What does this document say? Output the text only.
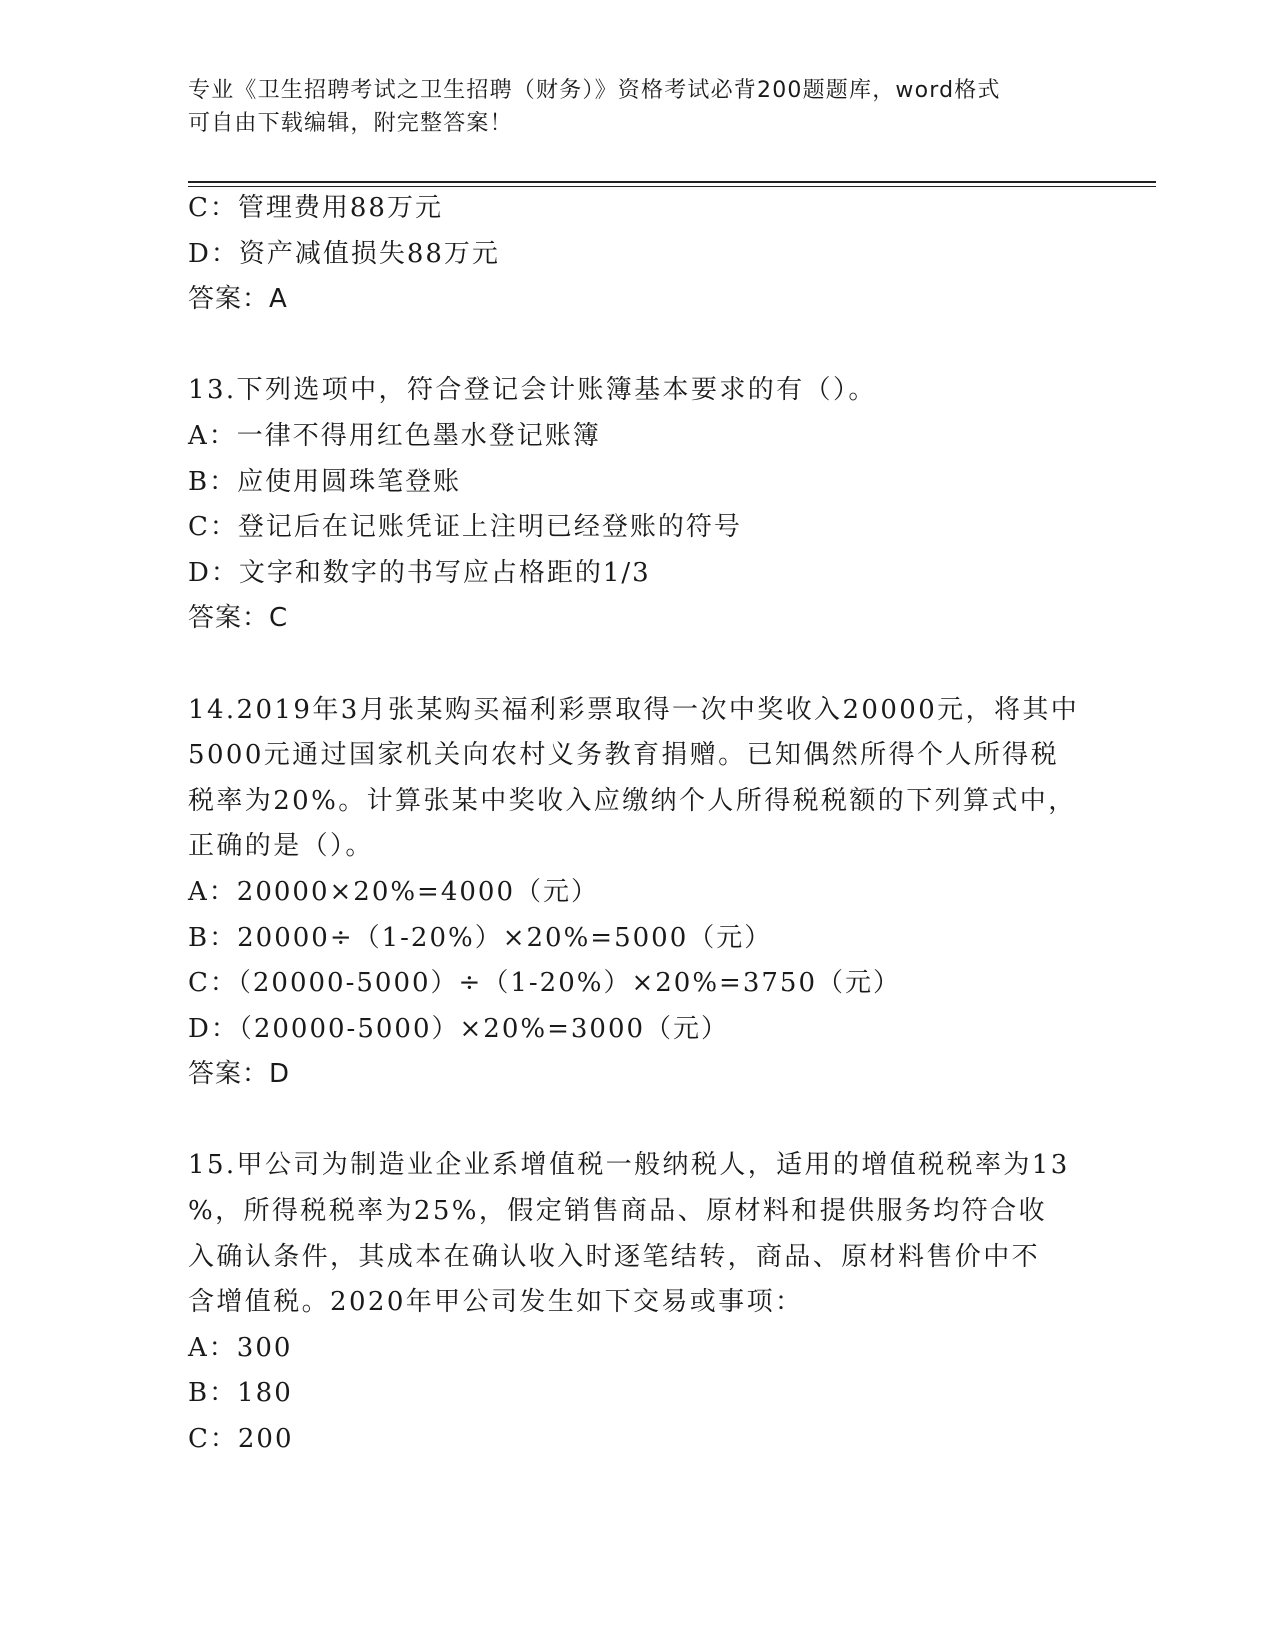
专业《卫生招聘考试之卫生招聘（财务）》资格考试必背200题题库，word格式
可自由下载编辑，附完整答案！
C：管理费用88万元
D：资产减值损失88万元
答案：A
13.下列选项中，符合登记会计账簿基本要求的有（）。
A：一律不得用红色墨水登记账簿
B：应使用圆珠笔登账
C：登记后在记账凭证上注明已经登账的符号
D：文字和数字的书写应占格距的1/3
答案：C
14.2019年3月张某购买福利彩票取得一次中奖收入20000元，将其中
5000元通过国家机关向农村义务教育捐赠。已知偶然所得个人所得税
税率为20%。计算张某中奖收入应缴纳个人所得税税额的下列算式中，
正确的是（）。
A：20000×20%=4000（元）
B：20000÷（1-20%）×20%=5000（元）
C：（20000-5000）÷（1-20%）×20%=3750（元）
D：（20000-5000）×20%=3000（元）
答案：D
15.甲公司为制造业企业系增值税一般纳税人，适用的增值税税率为13
%，所得税税率为25%，假定销售商品、原材料和提供服务均符合收
入确认条件，其成本在确认收入时逐笔结转，商品、原材料售价中不
含增值税。2020年甲公司发生如下交易或事项：
A：300
B：180
C：200
